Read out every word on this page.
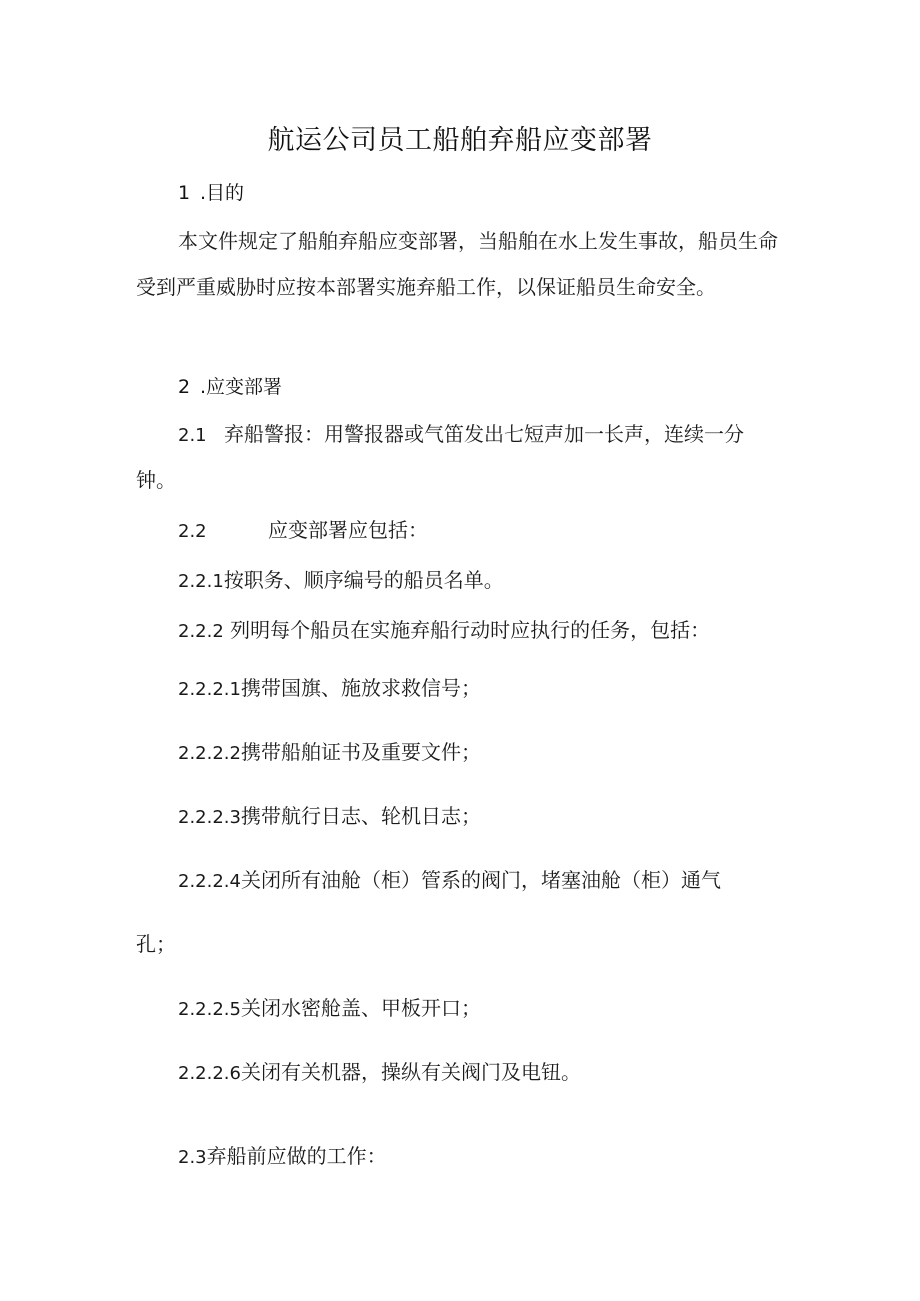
航运公司员工船舶弃船应变部署
1 .目的
本文件规定了船舶弃船应变部署，当船舶在水上发生事故，船员生命受到严重威胁时应按本部署实施弃船工作，以保证船员生命安全。
2 .应变部署
2.1 弃船警报：用警报器或气笛发出七短声加一长声，连续一分
钟。
2.2	应变部署应包括：
2.2.1按职务、顺序编号的船员名单。
2.2.2 列明每个船员在实施弃船行动时应执行的任务，包括：
2.2.2.1携带国旗、施放求救信号；
2.2.2.2携带船舶证书及重要文件；
2.2.2.3携带航行日志、轮机日志；
2.2.2.4关闭所有油舱（柜）管系的阀门，堵塞油舱（柜）通气
孔；
2.2.2.5关闭水密舱盖、甲板开口；
2.2.2.6关闭有关机器，操纵有关阀门及电钮。
2.3弃船前应做的工作：
